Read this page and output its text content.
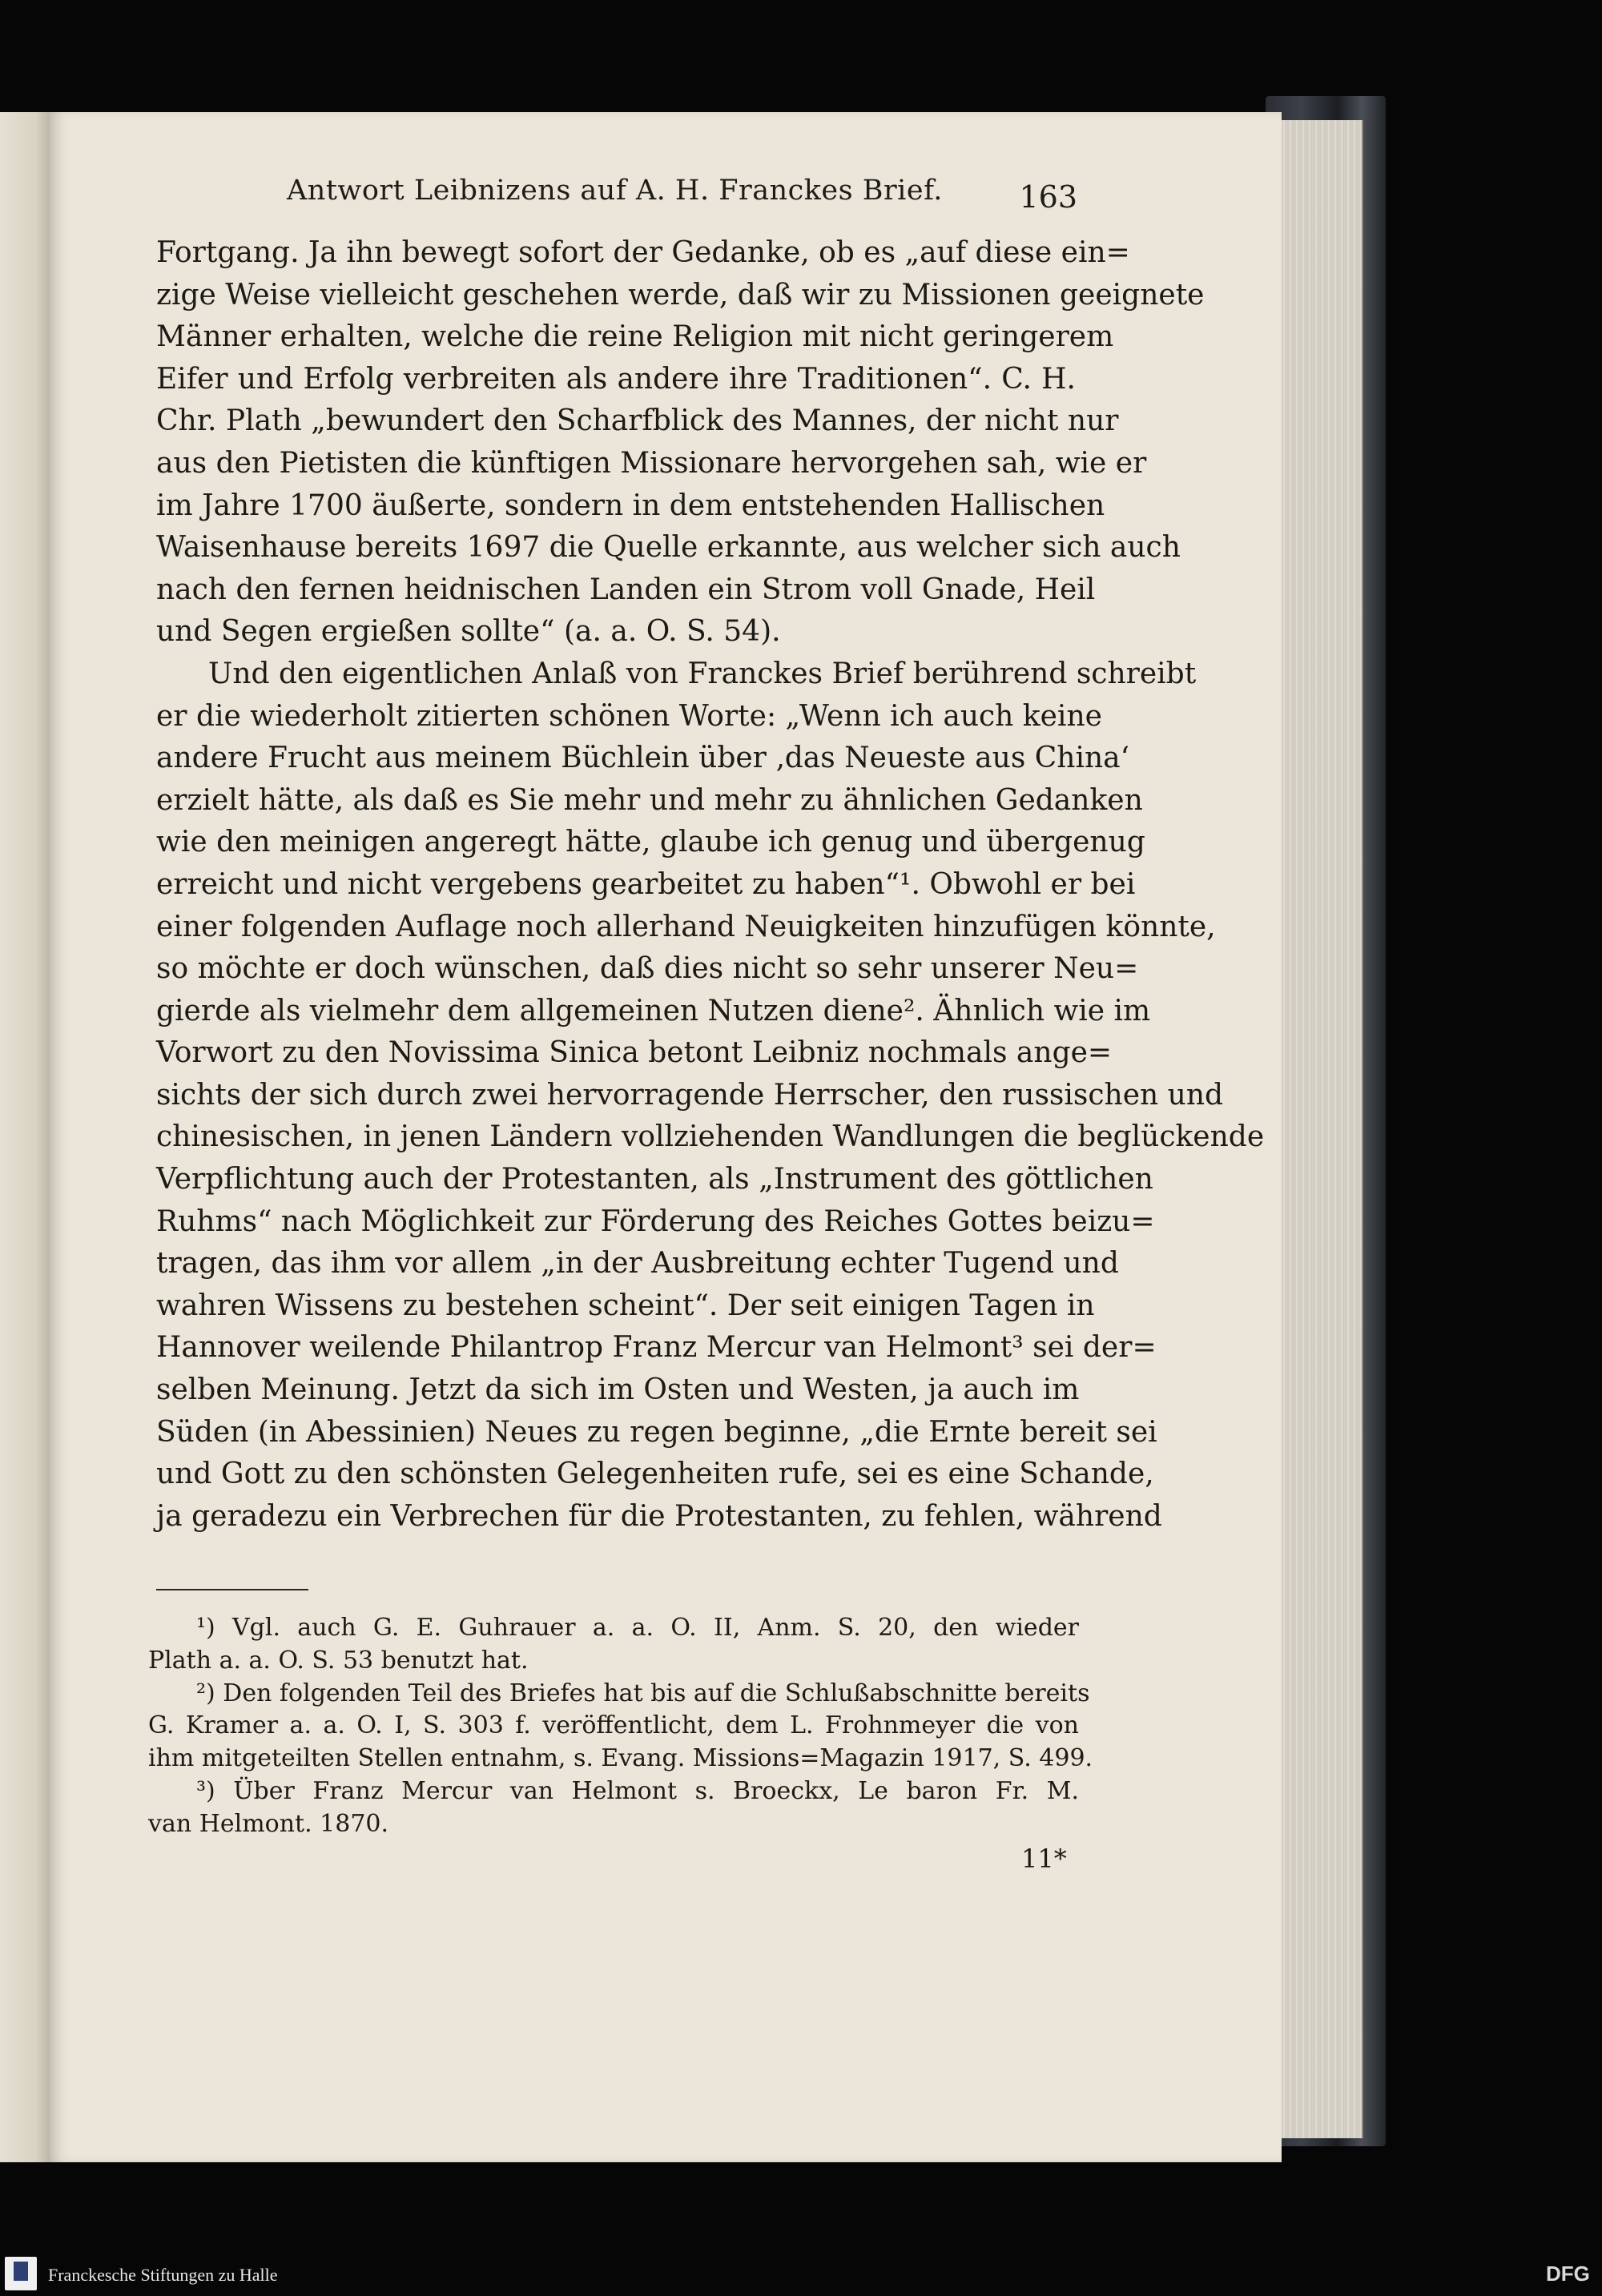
Antwort Leibnizens auf A. H. Franckes Brief.	163
Fortgang. Ja ihn bewegt sofort der Gedanke, ob es „auf diese ein=
zige Weise vielleicht geschehen werde, daß wir zu Missionen geeignete
Männer erhalten, welche die reine Religion mit nicht geringerem
Eifer und Erfolg verbreiten als andere ihre Traditionen“. C. H.
Chr. Plath „bewundert den Scharfblick des Mannes, der nicht nur
aus den Pietisten die künftigen Missionare hervorgehen sah, wie er
im Jahre 1700 äußerte, sondern in dem entstehenden Hallischen
Waisenhause bereits 1697 die Quelle erkannte, aus welcher sich auch
nach den fernen heidnischen Landen ein Strom voll Gnade, Heil
und Segen ergießen sollte“ (a. a. O. S. 54).
Und den eigentlichen Anlaß von Franckes Brief berührend schreibt
er die wiederholt zitierten schönen Worte: „Wenn ich auch keine
andere Frucht aus meinem Büchlein über ‚das Neueste aus China‘
erzielt hätte, als daß es Sie mehr und mehr zu ähnlichen Gedanken
wie den meinigen angeregt hätte, glaube ich genug und übergenug
erreicht und nicht vergebens gearbeitet zu haben“¹. Obwohl er bei
einer folgenden Auflage noch allerhand Neuigkeiten hinzufügen könnte,
so möchte er doch wünschen, daß dies nicht so sehr unserer Neu=
gierde als vielmehr dem allgemeinen Nutzen diene². Ähnlich wie im
Vorwort zu den Novissima Sinica betont Leibniz nochmals ange=
sichts der sich durch zwei hervorragende Herrscher, den russischen und
chinesischen, in jenen Ländern vollziehenden Wandlungen die beglückende
Verpflichtung auch der Protestanten, als „Instrument des göttlichen
Ruhms“ nach Möglichkeit zur Förderung des Reiches Gottes beizu=
tragen, das ihm vor allem „in der Ausbreitung echter Tugend und
wahren Wissens zu bestehen scheint“. Der seit einigen Tagen in
Hannover weilende Philantrop Franz Mercur van Helmont³ sei der=
selben Meinung. Jetzt da sich im Osten und Westen, ja auch im
Süden (in Abessinien) Neues zu regen beginne, „die Ernte bereit sei
und Gott zu den schönsten Gelegenheiten rufe, sei es eine Schande,
ja geradezu ein Verbrechen für die Protestanten, zu fehlen, während
¹) Vgl. auch G. E. Guhrauer a. a. O. II, Anm. S. 20, den wieder
Plath a. a. O. S. 53 benutzt hat.
²) Den folgenden Teil des Briefes hat bis auf die Schlußabschnitte bereits
G. Kramer a. a. O. I, S. 303 f. veröffentlicht, dem L. Frohnmeyer die von
ihm mitgeteilten Stellen entnahm, s. Evang. Missions=Magazin 1917, S. 499.
³) Über Franz Mercur van Helmont s. Broeckx, Le baron Fr. M.
van Helmont. 1870.
11*
Franckesche Stiftungen zu Halle	DFG
